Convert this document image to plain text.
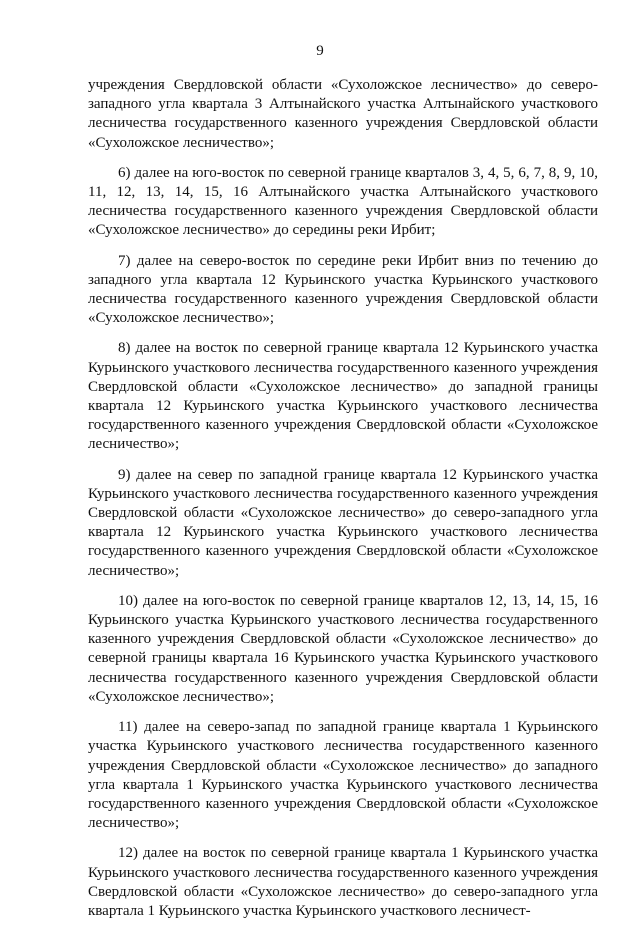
9

учреждения Свердловской области «Сухоложское лесничество» до северо-западного угла квартала 3 Алтынайского участка Алтынайского участкового лесничества государственного казенного учреждения Свердловской области «Сухоложское лесничество»;

6) далее на юго-восток по северной границе кварталов 3, 4, 5, 6, 7, 8, 9, 10, 11, 12, 13, 14, 15, 16 Алтынайского участка Алтынайского участкового лесничества государственного казенного учреждения Свердловской области «Сухоложское лесничество» до середины реки Ирбит;

7) далее на северо-восток по середине реки Ирбит вниз по течению до западного угла квартала 12 Курьинского участка Курьинского участкового лесничества государственного казенного учреждения Свердловской области «Сухоложское лесничество»;

8) далее на восток по северной границе квартала 12 Курьинского участка Курьинского участкового лесничества государственного казенного учреждения Свердловской области «Сухоложское лесничество» до западной границы квартала 12 Курьинского участка Курьинского участкового лесничества государственного казенного учреждения Свердловской области «Сухоложское лесничество»;

9) далее на север по западной границе квартала 12 Курьинского участка Курьинского участкового лесничества государственного казенного учреждения Свердловской области «Сухоложское лесничество» до северо-западного угла квартала 12 Курьинского участка Курьинского участкового лесничества государственного казенного учреждения Свердловской области «Сухоложское лесничество»;

10) далее на юго-восток по северной границе кварталов 12, 13, 14, 15, 16 Курьинского участка Курьинского участкового лесничества государственного казенного учреждения Свердловской области «Сухоложское лесничество» до северной границы квартала 16 Курьинского участка Курьинского участкового лесничества государственного казенного учреждения Свердловской области «Сухоложское лесничество»;

11) далее на северо-запад по западной границе квартала 1 Курьинского участка Курьинского участкового лесничества государственного казенного учреждения Свердловской области «Сухоложское лесничество» до западного угла квартала 1 Курьинского участка Курьинского участкового лесничества государственного казенного учреждения Свердловской области «Сухоложское лесничество»;

12) далее на восток по северной границе квартала 1 Курьинского участка Курьинского участкового лесничества государственного казенного учреждения Свердловской области «Сухоложское лесничество» до северо-западного угла квартала 1 Курьинского участка Курьинского участкового лесничест-
